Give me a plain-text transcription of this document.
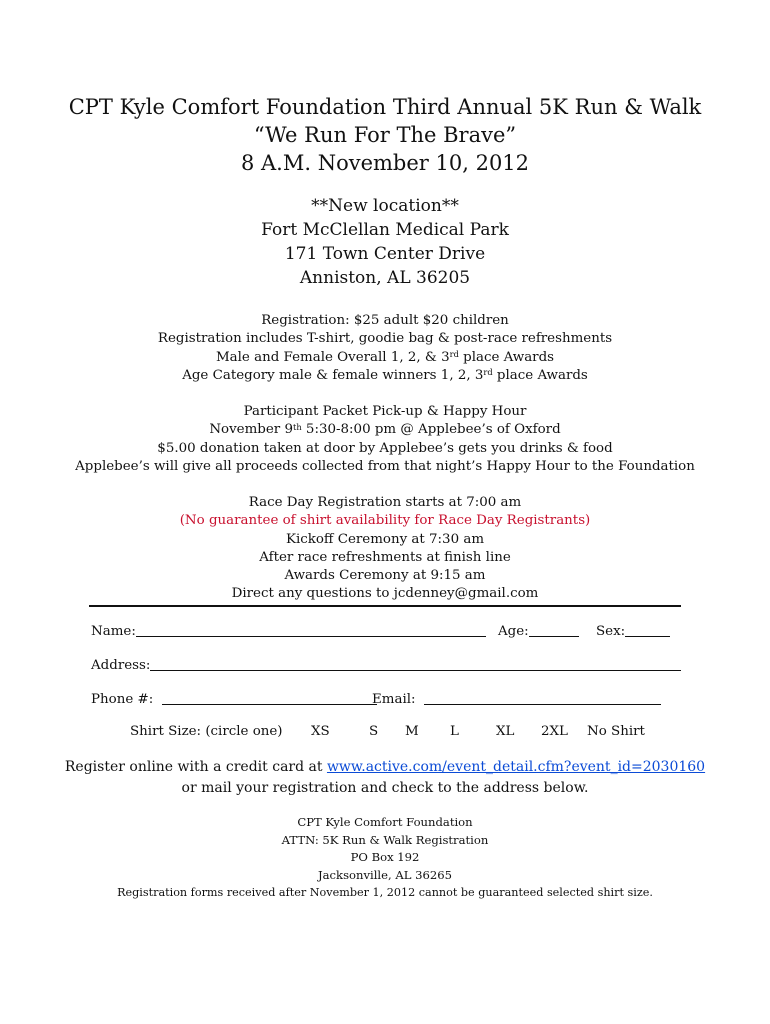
CPT Kyle Comfort Foundation Third Annual 5K Run & Walk
“We Run For The Brave”
8 A.M. November 10, 2012
**New location**
Fort McClellan Medical Park
171 Town Center Drive
Anniston, AL 36205
Registration: $25 adult $20 children
Registration includes T-shirt, goodie bag & post-race refreshments
Male and Female Overall 1, 2, & 3rd place Awards
Age Category male & female winners 1, 2, 3rd place Awards
Participant Packet Pick-up & Happy Hour
November 9th 5:30-8:00 pm @ Applebee’s of Oxford
$5.00 donation taken at door by Applebee’s gets you drinks & food
Applebee’s will give all proceeds collected from that night’s Happy Hour to the Foundation
Race Day Registration starts at 7:00 am
(No guarantee of shirt availability for Race Day Registrants)
Kickoff Ceremony at 7:30 am
After race refreshments at finish line
Awards Ceremony at 9:15 am
Direct any questions to jcdenney@gmail.com
Name:	Age:	Sex:
Address:
Phone #:	Email:
Shirt Size: (circle one) XS	S M L	XL 2XL No Shirt
Register online with a credit card at www.active.com/event_detail.cfm?event_id=2030160
or mail your registration and check to the address below.
CPT Kyle Comfort Foundation
ATTN: 5K Run & Walk Registration
PO Box 192
Jacksonville, AL 36265
Registration forms received after November 1, 2012 cannot be guaranteed selected shirt size.
